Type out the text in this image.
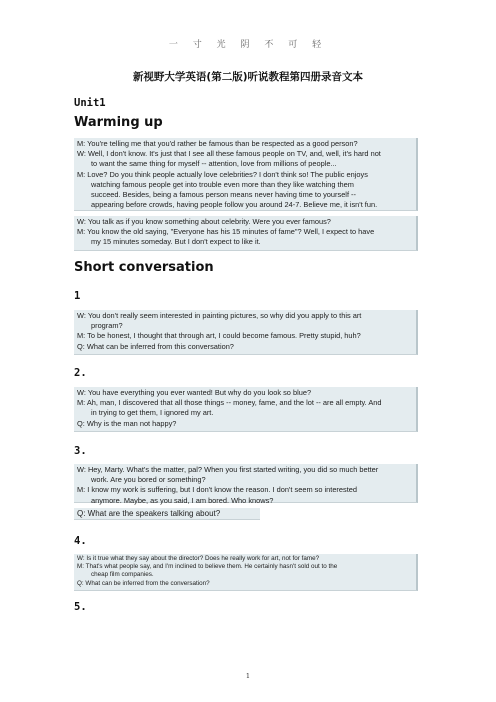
一 寸 光 阴 不 可 轻
新视野大学英语(第二版)听说教程第四册录音文本
Unit1
Warming up
M: You're telling me that you'd rather be famous than be respected as a good person?
W: Well, I don't know. It's just that I see all these famous people on TV, and, well, it's hard not
to want the same thing for myself -- attention, love from millions of people...
M: Love? Do you think people actually love celebrities? I don't think so! The public enjoys
watching famous people get into trouble even more than they like watching them
succeed. Besides, being a famous person means never having time to yourself --
appearing before crowds, having people follow you around 24-7. Believe me, it isn't fun.
W: You talk as if you know something about celebrity. Were you ever famous?
M: You know the old saying, "Everyone has his 15 minutes of fame"? Well, I expect to have
my 15 minutes someday. But I don't expect to like it.
Short conversation
1
W: You don't really seem interested in painting pictures, so why did you apply to this art
program?
M: To be honest, I thought that through art, I could become famous. Pretty stupid, huh?
Q: What can be inferred from this conversation?
2.
W: You have everything you ever wanted! But why do you look so blue?
M: Ah, man, I discovered that all those things -- money, fame, and the lot -- are all empty. And
in trying to get them, I ignored my art.
Q: Why is the man not happy?
3.
W: Hey, Marty. What's the matter, pal? When you first started writing, you did so much better
work. Are you bored or something?
M: I know my work is suffering, but I don't know the reason. I don't seem so interested
anymore. Maybe, as you said, I am bored. Who knows?
Q: What are the speakers talking about?
4.
W: Is it true what they say about the director? Does he really work for art, not for fame?
M: That's what people say, and I'm inclined to believe them. He certainly hasn't sold out to the
cheap film companies.
Q: What can be inferred from the conversation?
5.
1
